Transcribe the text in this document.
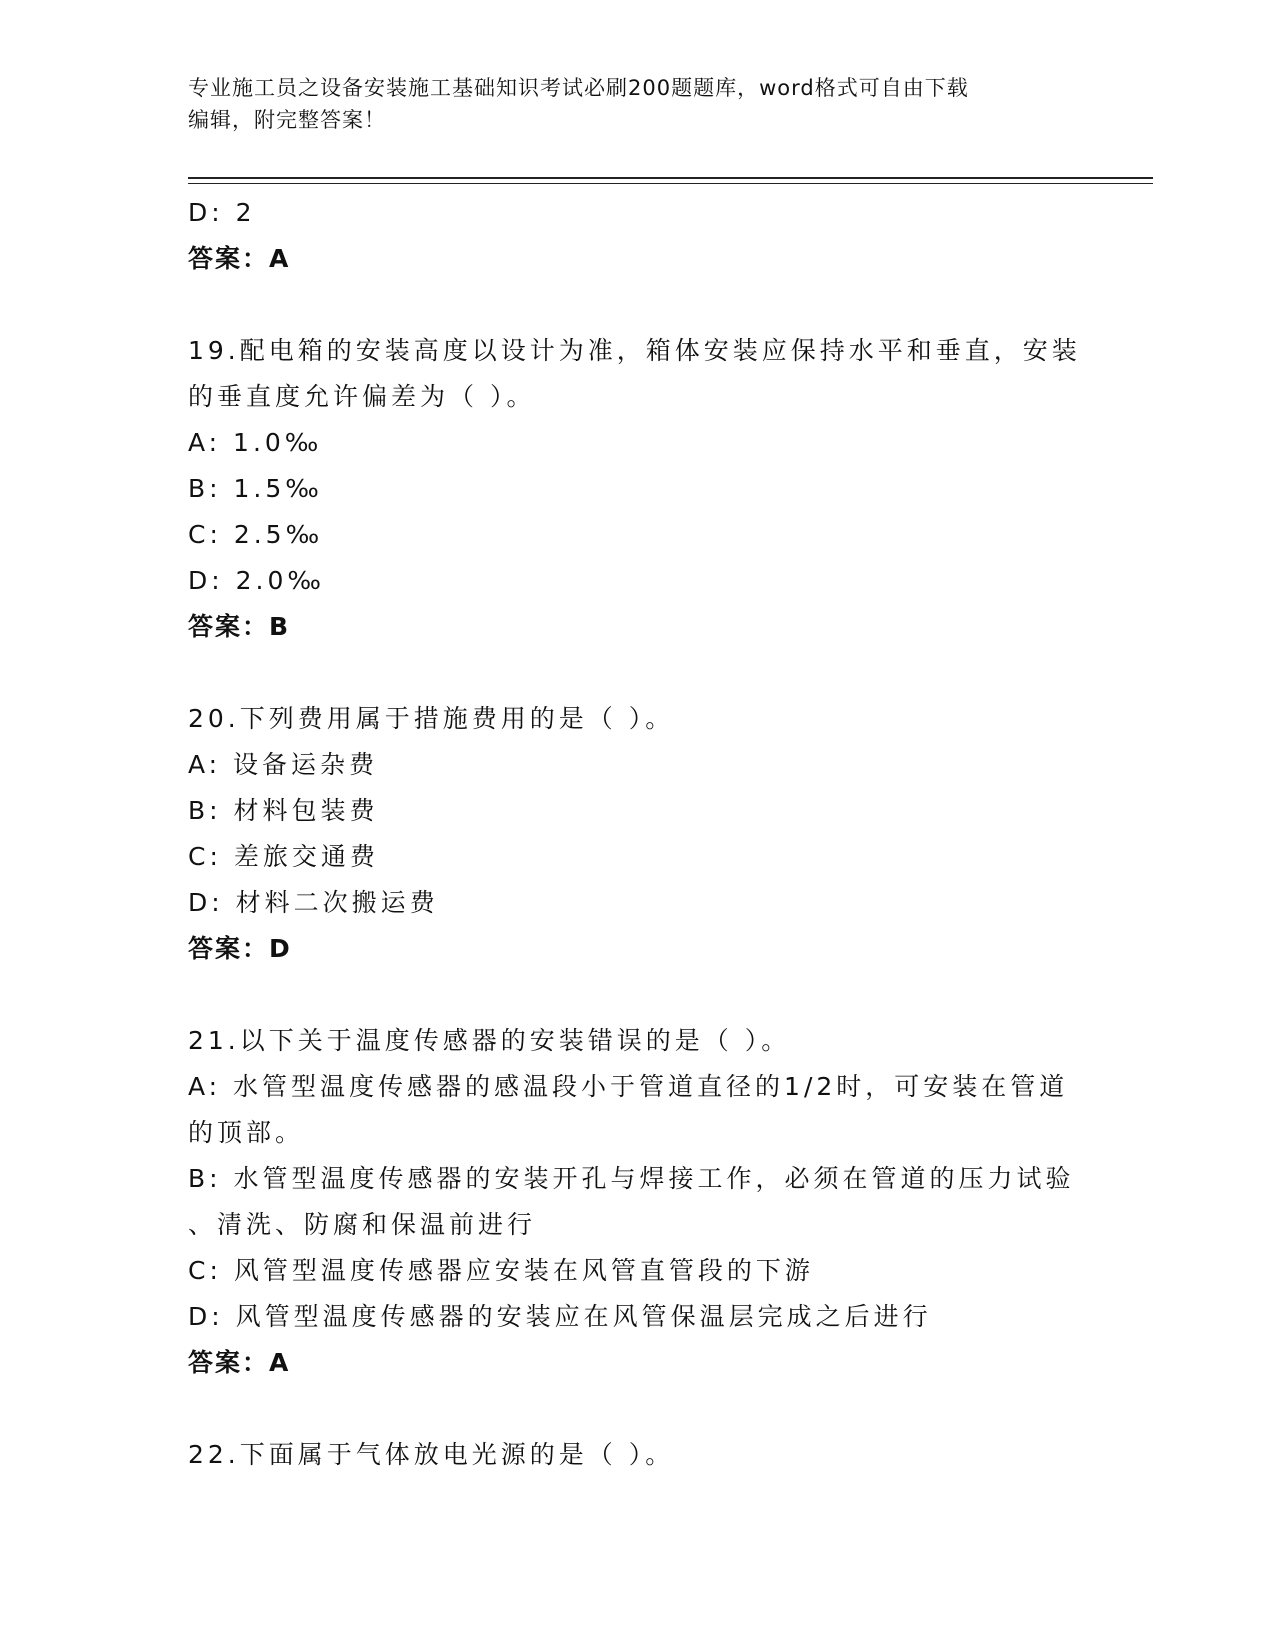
专业施工员之设备安装施工基础知识考试必刷200题题库，word格式可自由下载
编辑，附完整答案！
D: 2
答案：A
19.配电箱的安装高度以设计为准，箱体安装应保持水平和垂直，安装
的垂直度允许偏差为（ ）。
A: 1.0‰
B: 1.5‰
C: 2.5‰
D: 2.0‰
答案：B
20.下列费用属于措施费用的是（ ）。
A: 设备运杂费
B: 材料包装费
C: 差旅交通费
D: 材料二次搬运费
答案：D
21.以下关于温度传感器的安装错误的是（ ）。
A: 水管型温度传感器的感温段小于管道直径的1/2时，可安装在管道
的顶部。
B: 水管型温度传感器的安装开孔与焊接工作，必须在管道的压力试验
、清洗、防腐和保温前进行
C: 风管型温度传感器应安装在风管直管段的下游
D: 风管型温度传感器的安装应在风管保温层完成之后进行
答案：A
22.下面属于气体放电光源的是（ ）。
